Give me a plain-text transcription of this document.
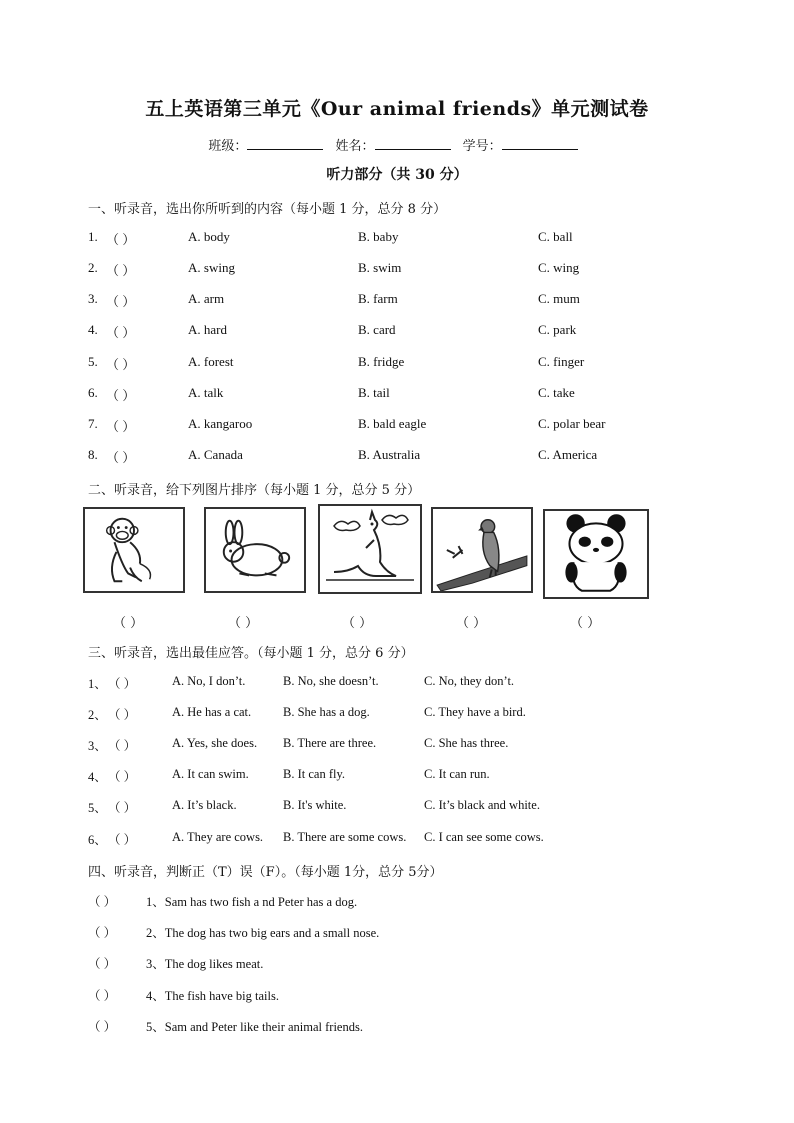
五上英语第三单元《Our animal friends》单元测试卷
班级：	姓名：	学号：
听力部分（共 30 分）
一、听录音，选出你所听到的内容（每小题 1 分，总分 8 分）
1. （ ）	A. body	B. baby	C. ball
2. （ ）	A. swing	B. swim	C. wing
3. （ ）	A. arm	B. farm	C. mum
4. （ ）	A. hard	B. card	C. park
5. （ ）	A. forest	B. fridge	C. finger
6. （ ）	A. talk	B. tail	C. take
7. （ ）	A. kangaroo	B. bald eagle	C. polar bear
8. （ ）	A. Canada	B. Australia	C. America
二、听录音，给下列图片排序（每小题 1 分，总分 5 分）
（ ）	（ ）	（ ）	（ ）	（ ）
三、听录音，选出最佳应答。（每小题 1 分，总分 6 分）
1、 （ ）	A. No, I don’t.	B. No, she doesn’t.	C. No, they don’t.
2、 （ ）	A. He has a cat.	B. She has a dog.	C. They have a bird.
3、 （ ）	A. Yes, she does. B. There are three.	C. She has three.
4、 （ ）	A. It can swim.	B. It can fly.	C. It can run.
5、 （ ）	A. It’s black.	B. It's white.	C. It’s black and white.
6、 （ ）	A. They are cows. B. There are some cows. C. I can see some cows.
四、听录音，判断正（T）误（F）。（每小题 1分，总分 5分）
（ ） 1、Sam has two fish a nd Peter has a dog.
（ ） 2、The dog has two big ears and a small nose.
（ ） 3、The dog likes meat.
（ ） 4、The fish have big tails.
（ ） 5、Sam and Peter like their animal friends.
